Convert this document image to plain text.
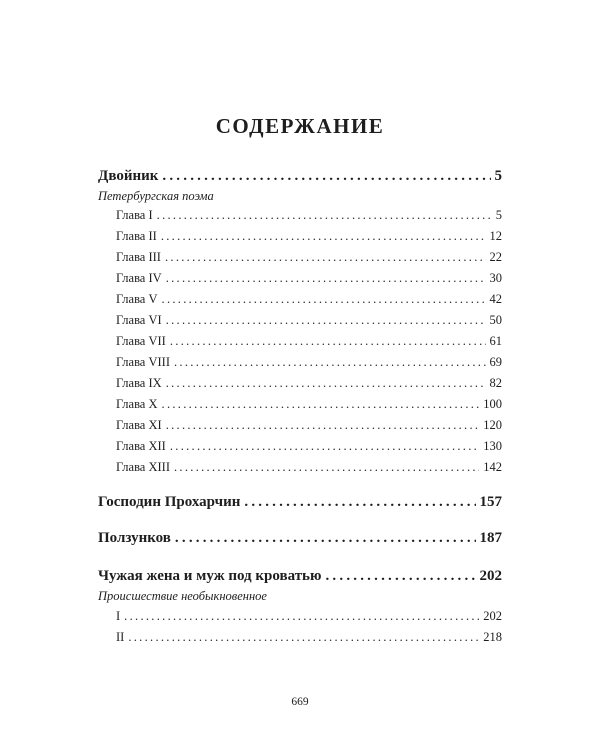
СОДЕРЖАНИЕ
Двойник .....	5
Петербургская поэма
Глава I .....	5
Глава II .....	12
Глава III .....	22
Глава IV .....	30
Глава V .....	42
Глава VI .....	50
Глава VII .....	61
Глава VIII .....	69
Глава IX .....	82
Глава X .....	100
Глава XI .....	120
Глава XII .....	130
Глава XIII .....	142
Господин Прохарчин .....	157
Ползунков .....	187
Чужая жена и муж под кроватью .....	202
Происшествие необыкновенное
I .....	202
II .....	218
669
